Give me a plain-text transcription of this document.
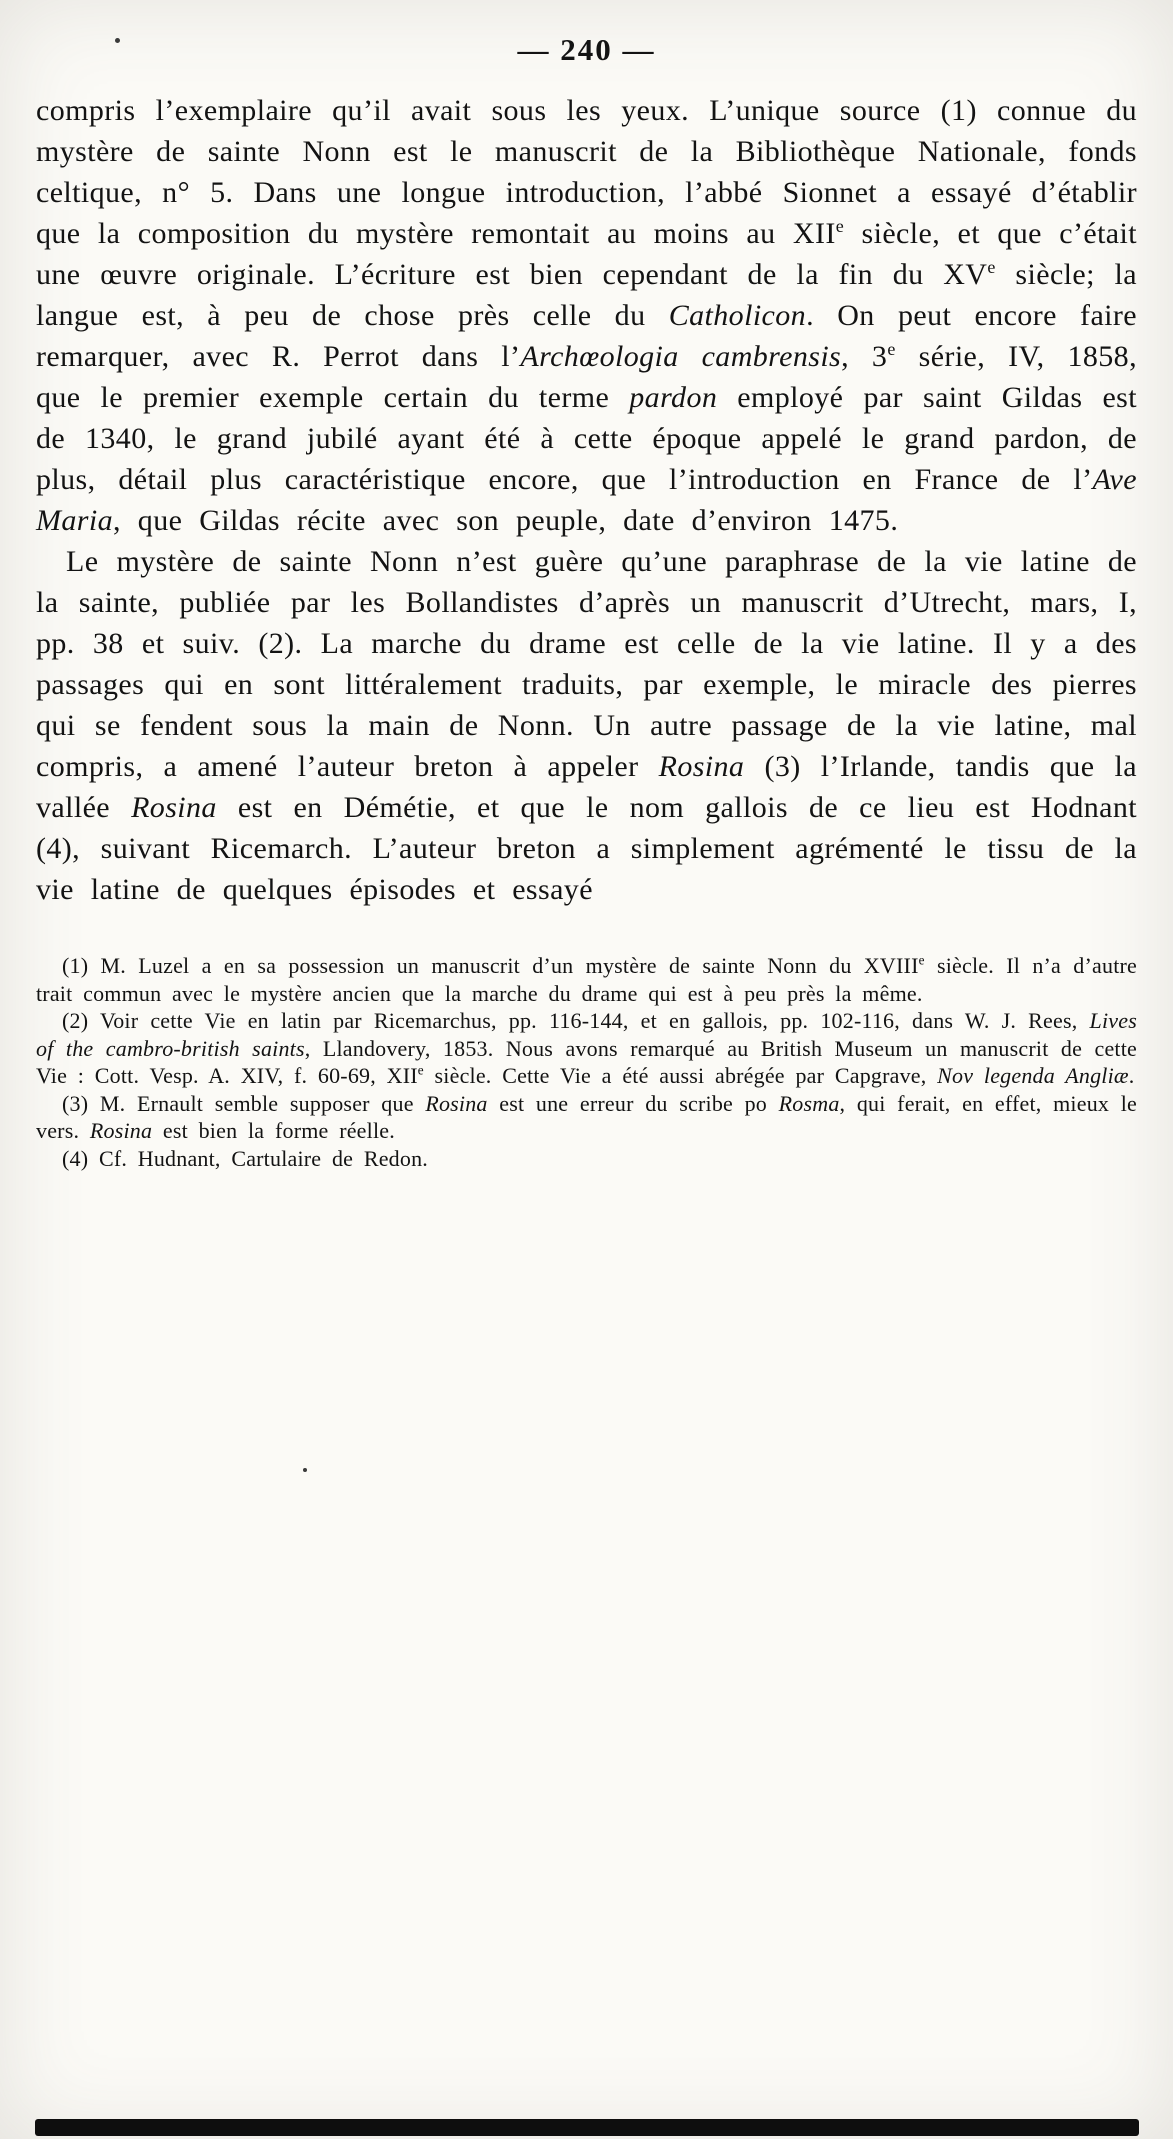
— 240 —

compris l’exemplaire qu’il avait sous les yeux. L’unique source (1) connue du mystère de sainte Nonn est le manuscrit de la Bibliothèque Nationale, fonds celtique, n° 5. Dans une longue introduction, l’abbé Sionnet a essayé d’établir que la composition du mystère remontait au moins au XIIe siècle, et que c’était une œuvre originale. L’écriture est bien cependant de la fin du XVe siècle; la langue est, à peu de chose près celle du Catholicon. On peut encore faire remarquer, avec R. Perrot dans l’Archœologia cambrensis, 3e série, IV, 1858, que le premier exemple certain du terme pardon employé par saint Gildas est de 1340, le grand jubilé ayant été à cette époque appelé le grand pardon, de plus, détail plus caractéristique encore, que l’introduction en France de l’Ave Maria, que Gildas récite avec son peuple, date d’environ 1475.

Le mystère de sainte Nonn n’est guère qu’une paraphrase de la vie latine de la sainte, publiée par les Bollandistes d’après un manuscrit d’Utrecht, mars, I, pp. 38 et suiv. (2). La marche du drame est celle de la vie latine. Il y a des passages qui en sont littéralement traduits, par exemple, le miracle des pierres qui se fendent sous la main de Nonn. Un autre passage de la vie latine, mal compris, a amené l’auteur breton à appeler Rosina (3) l’Irlande, tandis que la vallée Rosina est en Démétie, et que le nom gallois de ce lieu est Hodnant (4), suivant Ricemarch. L’auteur breton a simplement agrémenté le tissu de la vie latine de quelques épisodes et essayé

(1) M. Luzel a en sa possession un manuscrit d’un mystère de sainte Nonn du XVIIIe siècle. Il n’a d’autre trait commun avec le mystère ancien que la marche du drame qui est à peu près la même.

(2) Voir cette Vie en latin par Ricemarchus, pp. 116-144, et en gallois, pp. 102-116, dans W. J. Rees, Lives of the cambro-british saints, Llandovery, 1853. Nous avons remarqué au British Museum un manuscrit de cette Vie : Cott. Vesp. A. XIV, f. 60-69, XIIe siècle. Cette Vie a été aussi abrégée par Capgrave, Nov legenda Angliæ.

(3) M. Ernault semble supposer que Rosina est une erreur du scribe po Rosma, qui ferait, en effet, mieux le vers. Rosina est bien la forme réelle.

(4) Cf. Hudnant, Cartulaire de Redon.
